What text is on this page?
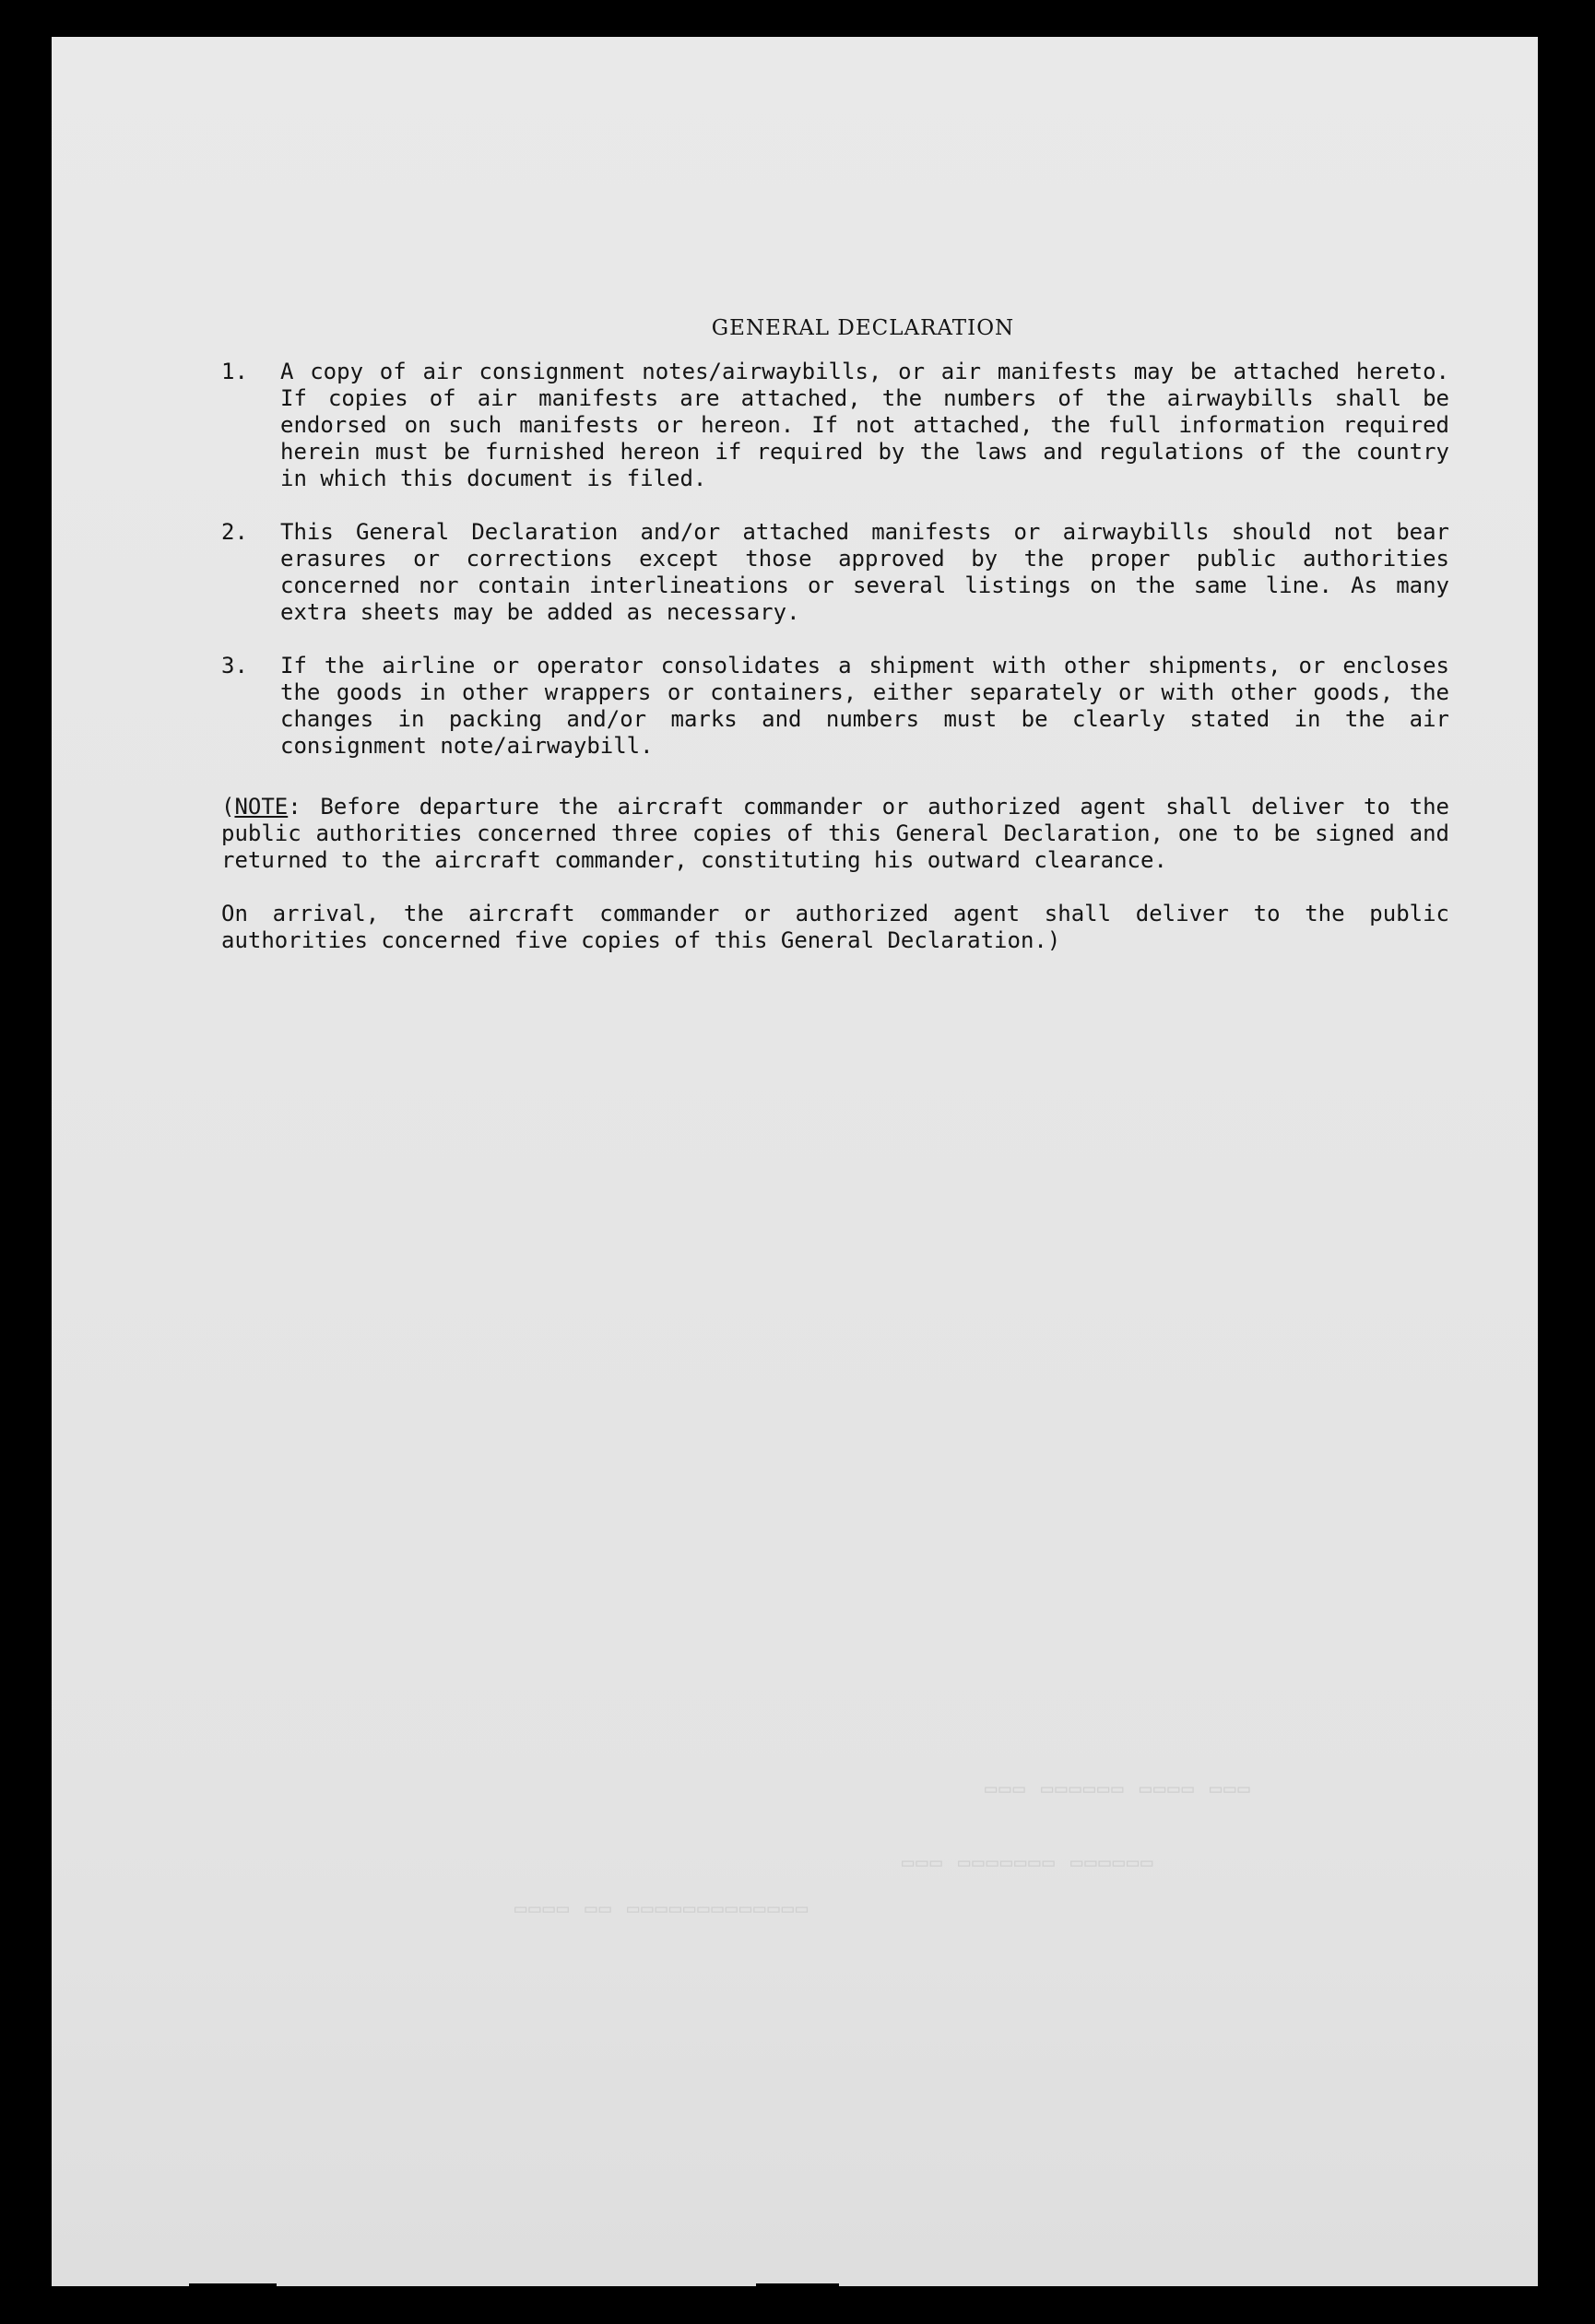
▭▭▭ ▭▭▭▭ ▭▭▭▭▭▭ ▭▭▭
▭▭▭▭▭▭ ▭▭▭▭▭▭▭ ▭▭▭
▭▭▭▭▭▭▭▭▭▭▭▭▭ ▭▭ ▭▭▭▭
GENERAL DECLARATION
1. A copy of air consignment notes/airwaybills, or air manifests may be attached hereto. If copies of air manifests are attached, the numbers of the airwaybills shall be endorsed on such manifests or hereon. If not attached, the full information required herein must be furnished hereon if required by the laws and regulations of the country in which this document is filed.
2. This General Declaration and/or attached manifests or airwaybills should not bear erasures or corrections except those approved by the proper public authorities concerned nor contain interlineations or several listings on the same line. As many extra sheets may be added as necessary.
3. If the airline or operator consolidates a shipment with other shipments, or encloses the goods in other wrappers or containers, either separately or with other goods, the changes in packing and/or marks and numbers must be clearly stated in the air consignment note/airwaybill.
(NOTE: Before departure the aircraft commander or authorized agent shall deliver to the public authorities concerned three copies of this General Declaration, one to be signed and returned to the aircraft commander, constituting his outward clearance.
On arrival, the aircraft commander or authorized agent shall deliver to the public authorities concerned five copies of this General Declaration.)
